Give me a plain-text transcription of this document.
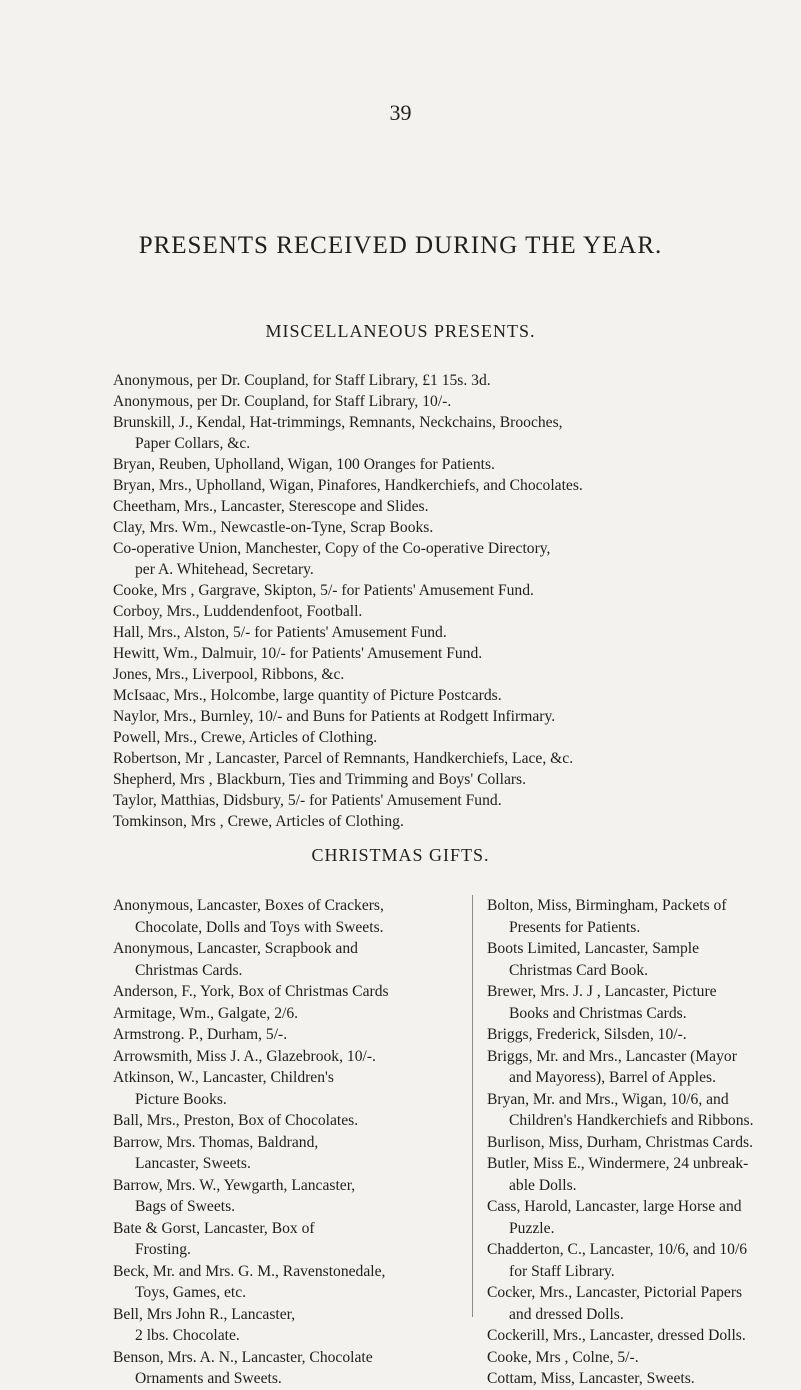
39
PRESENTS RECEIVED DURING THE YEAR.
MISCELLANEOUS PRESENTS.
Anonymous, per Dr. Coupland, for Staff Library, £1 15s. 3d.
Anonymous, per Dr. Coupland, for Staff Library, 10/-.
Brunskill, J., Kendal, Hat-trimmings, Remnants, Neckchains, Brooches,
Paper Collars, &c.
Bryan, Reuben, Upholland, Wigan, 100 Oranges for Patients.
Bryan, Mrs., Upholland, Wigan, Pinafores, Handkerchiefs, and Chocolates.
Cheetham, Mrs., Lancaster, Sterescope and Slides.
Clay, Mrs. Wm., Newcastle-on-Tyne, Scrap Books.
Co-operative Union, Manchester, Copy of the Co-operative Directory,
per A. Whitehead, Secretary.
Cooke, Mrs , Gargrave, Skipton, 5/- for Patients' Amusement Fund.
Corboy, Mrs., Luddendenfoot, Football.
Hall, Mrs., Alston, 5/- for Patients' Amusement Fund.
Hewitt, Wm., Dalmuir, 10/- for Patients' Amusement Fund.
Jones, Mrs., Liverpool, Ribbons, &c.
McIsaac, Mrs., Holcombe, large quantity of Picture Postcards.
Naylor, Mrs., Burnley, 10/- and Buns for Patients at Rodgett Infirmary.
Powell, Mrs., Crewe, Articles of Clothing.
Robertson, Mr , Lancaster, Parcel of Remnants, Handkerchiefs, Lace, &c.
Shepherd, Mrs , Blackburn, Ties and Trimming and Boys' Collars.
Taylor, Matthias, Didsbury, 5/- for Patients' Amusement Fund.
Tomkinson, Mrs , Crewe, Articles of Clothing.
CHRISTMAS GIFTS.
Anonymous, Lancaster, Boxes of Crackers,
Chocolate, Dolls and Toys with Sweets.
Anonymous, Lancaster, Scrapbook and
Christmas Cards.
Anderson, F., York, Box of Christmas Cards
Armitage, Wm., Galgate, 2/6.
Armstrong. P., Durham, 5/-.
Arrowsmith, Miss J. A., Glazebrook, 10/-.
Atkinson, W., Lancaster, Children's
Picture Books.
Ball, Mrs., Preston, Box of Chocolates.
Barrow, Mrs. Thomas, Baldrand,
Lancaster, Sweets.
Barrow, Mrs. W., Yewgarth, Lancaster,
Bags of Sweets.
Bate & Gorst, Lancaster, Box of
Frosting.
Beck, Mr. and Mrs. G. M., Ravenstonedale,
Toys, Games, etc.
Bell, Mrs John R., Lancaster,
2 lbs. Chocolate.
Benson, Mrs. A. N., Lancaster, Chocolate
Ornaments and Sweets.
Bolton, Miss, Birmingham, Packets of
Presents for Patients.
Boots Limited, Lancaster, Sample
Christmas Card Book.
Brewer, Mrs. J. J , Lancaster, Picture
Books and Christmas Cards.
Briggs, Frederick, Silsden, 10/-.
Briggs, Mr. and Mrs., Lancaster (Mayor
and Mayoress), Barrel of Apples.
Bryan, Mr. and Mrs., Wigan, 10/6, and
Children's Handkerchiefs and Ribbons.
Burlison, Miss, Durham, Christmas Cards.
Butler, Miss E., Windermere, 24 unbreak-
able Dolls.
Cass, Harold, Lancaster, large Horse and
Puzzle.
Chadderton, C., Lancaster, 10/6, and 10/6
for Staff Library.
Cocker, Mrs., Lancaster, Pictorial Papers
and dressed Dolls.
Cockerill, Mrs., Lancaster, dressed Dolls.
Cooke, Mrs , Colne, 5/-.
Cottam, Miss, Lancaster, Sweets.
